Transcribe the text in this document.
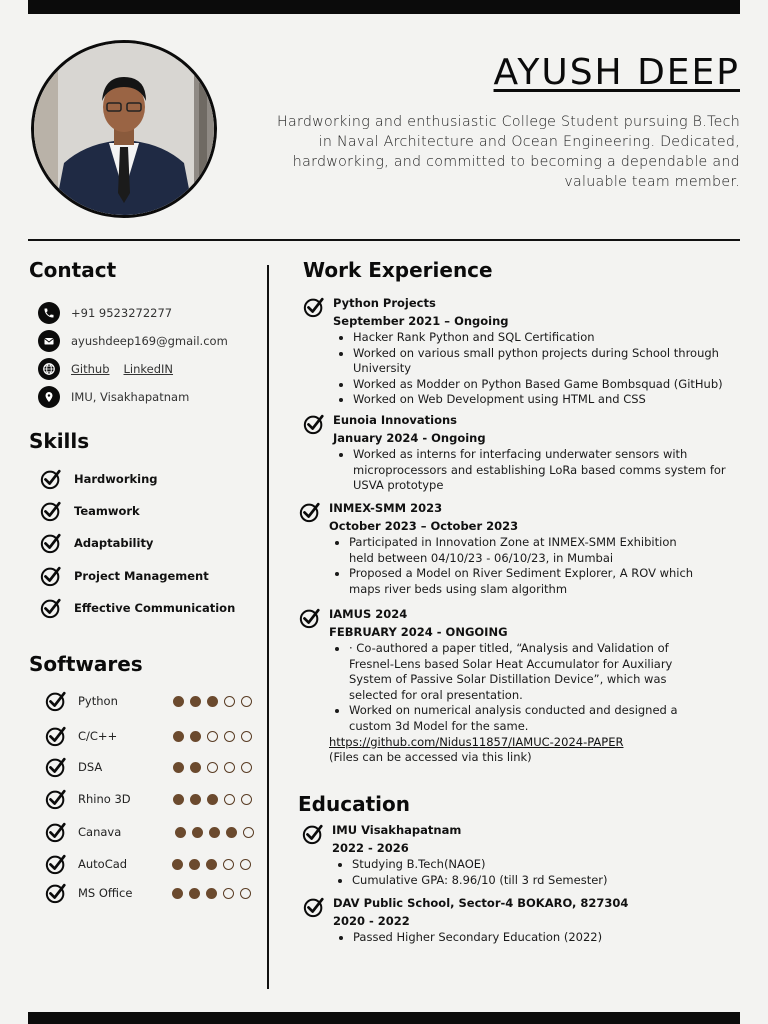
AYUSH DEEP
Hardworking and enthusiastic College Student pursuing B.Tech in Naval Architecture and Ocean Engineering. Dedicated, hardworking, and committed to becoming a dependable and valuable team member.
Contact
+91 9523272277
ayushdeep169@gmail.com
Github LinkedIN
IMU, Visakhapatnam
Skills
Hardworking
Teamwork
Adaptability
Project Management
Effective Communication
Softwares
Python
C/C++
DSA
Rhino 3D
Canava
AutoCad
MS Office
Work Experience
Python Projects
September 2021 – Ongoing
• Hacker Rank Python and SQL Certification
• Worked on various small python projects during School through University
• Worked as Modder on Python Based Game Bombsquad (GitHub)
• Worked on Web Development using HTML and CSS
Eunoia Innovations
January 2024 - Ongoing
• Worked as interns for interfacing underwater sensors with microprocessors and establishing LoRa based comms system for USVA prototype
INMEX-SMM 2023
October 2023 – October 2023
• Participated in Innovation Zone at INMEX-SMM Exhibition held between 04/10/23 - 06/10/23, in Mumbai
• Proposed a Model on River Sediment Explorer, A ROV which maps river beds using slam algorithm
IAMUS 2024
FEBRUARY 2024 - ONGOING
• · Co-authored a paper titled, “Analysis and Validation of Fresnel-Lens based Solar Heat Accumulator for Auxiliary System of Passive Solar Distillation Device”, which was selected for oral presentation.
• Worked on numerical analysis conducted and designed a custom 3d Model for the same.
https://github.com/Nidus11857/IAMUC-2024-PAPER
(Files can be accessed via this link)
Education
IMU Visakhapatnam
2022 - 2026
• Studying B.Tech(NAOE)
• Cumulative GPA: 8.96/10 (till 3 rd Semester)
DAV Public School, Sector-4 BOKARO, 827304
2020 - 2022
• Passed Higher Secondary Education (2022)
